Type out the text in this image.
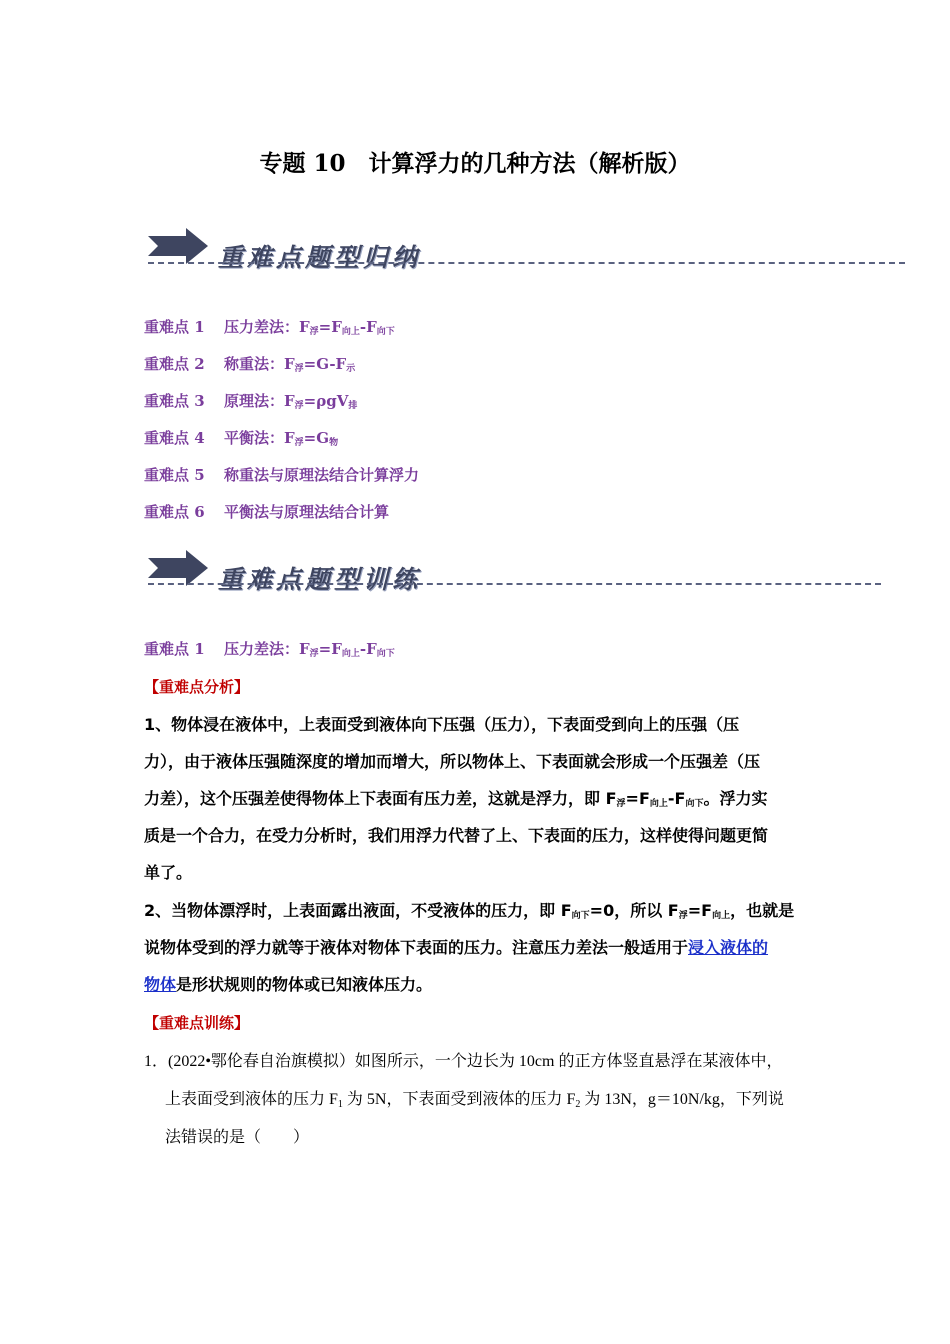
专题 10　计算浮力的几种方法（解析版）
重难点题型归纳
重难点 1 压力差法：$F_浮=F_{向上}-F_{向下}$
重难点 2 称重法：$F_浮=G-F_示$
重难点 3 原理法：$F_浮=\rho gV_排$
重难点 4 平衡法：$F_浮=G_物$
重难点 5 称重法与原理法结合计算浮力
重难点 6 平衡法与原理法结合计算
重难点题型训练
重难点 1 压力差法：$F_浮=F_{向上}-F_{向下}$
【重难点分析】
1、物体浸在液体中，上表面受到液体向下压强（压力），下表面受到向上的压强（压
力），由于液体压强随深度的增加而增大，所以物体上、下表面就会形成一个压强差（压
力差），这个压强差使得物体上下表面有压力差，这就是浮力，即 $F_浮=F_{向上}-F_{向下}$。浮力实
质是一个合力，在受力分析时，我们用浮力代替了上、下表面的压力，这样使得问题更简
单了。
2、当物体漂浮时，上表面露出液面，不受液体的压力，即 $F_{向下}=0$，所以 $F_浮=F_{向上}$，也就是
说物体受到的浮力就等于液体对物体下表面的压力。注意压力差法一般适用于浸入液体的
物体是形状规则的物体或已知液体压力。
【重难点训练】
1．(2022•鄂伦春自治旗模拟）如图所示，一个边长为 10cm 的正方体竖直悬浮在某液体中，
上表面受到液体的压力 F1 为 5N，下表面受到液体的压力 F2 为 13N，g＝10N/kg，下列说
法错误的是（　　）
